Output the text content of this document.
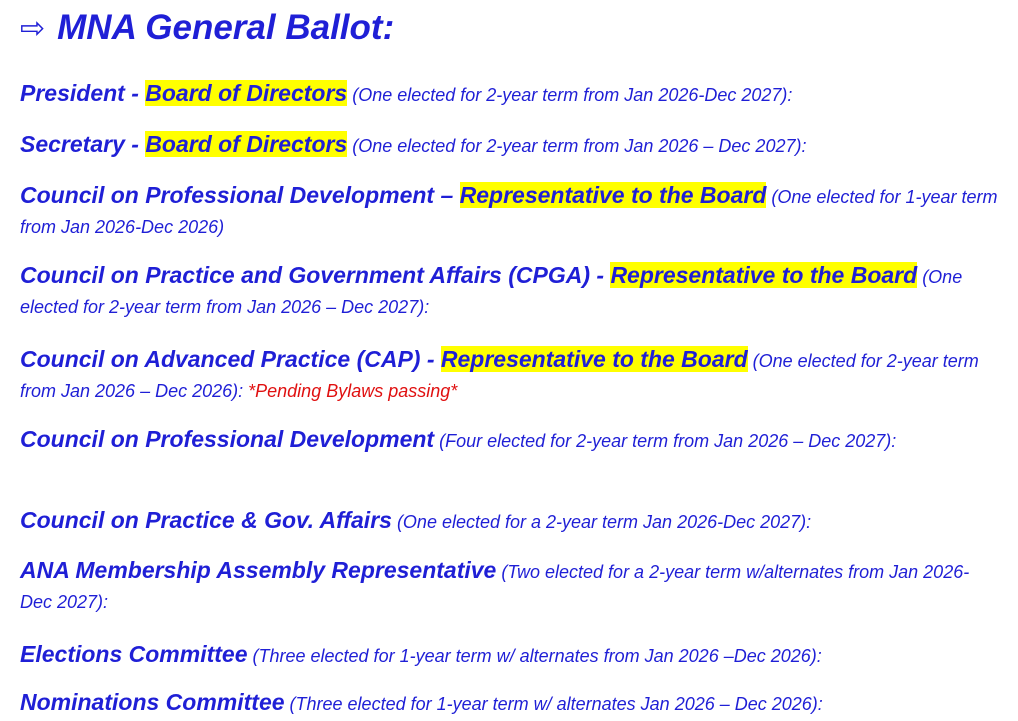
⇨ MNA General Ballot:

President - Board of Directors (One elected for 2-year term from Jan 2026-Dec 2027):

Secretary - Board of Directors (One elected for 2-year term from Jan 2026 – Dec 2027):

Council on Professional Development – Representative to the Board (One elected for 1-year term from Jan 2026-Dec 2026)

Council on Practice and Government Affairs (CPGA) - Representative to the Board (One elected for 2-year term from Jan 2026 – Dec 2027):

Council on Advanced Practice (CAP) - Representative to the Board (One elected for 2-year term from Jan 2026 – Dec 2026): *Pending Bylaws passing*

Council on Professional Development (Four elected for 2-year term from Jan 2026 – Dec 2027):

Council on Practice & Gov. Affairs (One elected for a 2-year term Jan 2026-Dec 2027):

ANA Membership Assembly Representative (Two elected for a 2-year term w/alternates from Jan 2026-Dec 2027):

Elections Committee (Three elected for 1-year term w/ alternates from Jan 2026 –Dec 2026):

Nominations Committee (Three elected for 1-year term w/ alternates Jan 2026 – Dec 2026):
